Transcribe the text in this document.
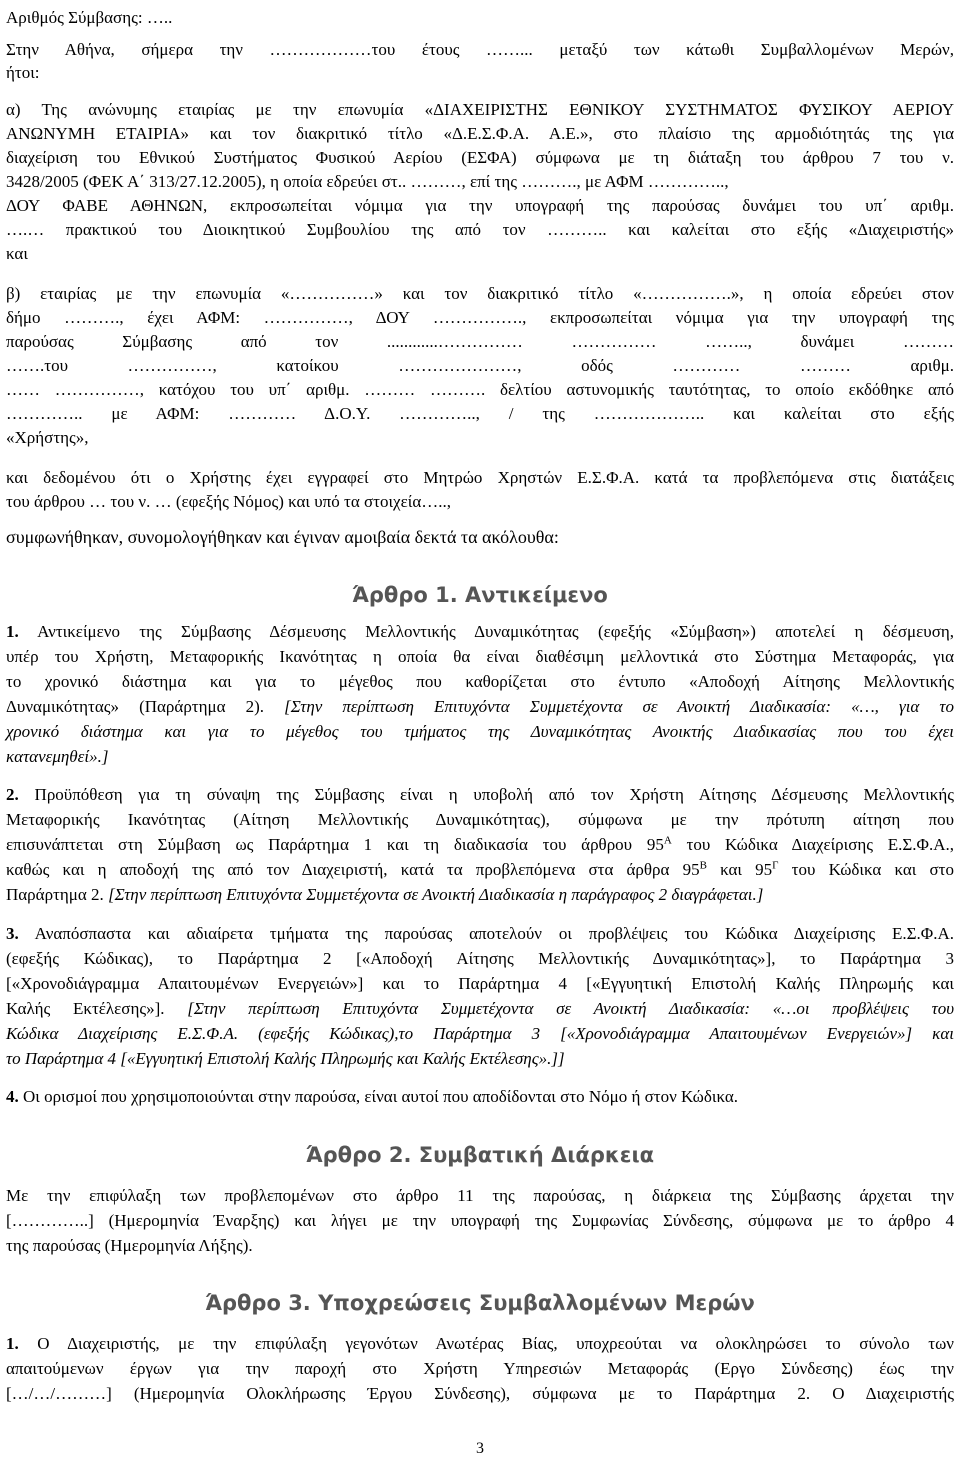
Αριθμός Σύμβασης: …..
Στην Αθήνα, σήμερα την ………………του έτους ……... μεταξύ των κάτωθι Συμβαλλομένων Μερών,
ήτοι:
α) Της ανώνυμης εταιρίας με την επωνυμία «ΔΙΑΧΕΙΡΙΣΤΗΣ ΕΘΝΙΚΟΥ ΣΥΣΤΗΜΑΤΟΣ ΦΥΣΙΚΟΥ ΑΕΡΙΟΥ
ΑΝΩΝΥΜΗ ΕΤΑΙΡΙΑ» και τον διακριτικό τίτλο «Δ.Ε.Σ.Φ.Α. Α.Ε.», στο πλαίσιο της αρμοδιότητάς της για
διαχείριση του Εθνικού Συστήματος Φυσικού Αερίου (ΕΣΦΑ) σύμφωνα με τη διάταξη του άρθρου 7 του ν.
3428/2005 (ΦΕΚ Α΄ 313/27.12.2005), η οποία εδρεύει στ.. ………, επί της ………., με ΑΦΜ …………..,
ΔΟΥ ΦΑΒΕ ΑΘΗΝΩΝ, εκπροσωπείται νόμιμα για την υπογραφή της παρούσας δυνάμει του υπ΄ αριθμ.
….… πρακτικού του Διοικητικού Συμβουλίου της από τον ……….. και καλείται στο εξής «Διαχειριστής»
και
β) εταιρίας με την επωνυμία «……………» και τον διακριτικό τίτλο «…………….», η οποία εδρεύει στον
δήμο ………., έχει ΑΦΜ: ……………, ΔΟΥ ……………., εκπροσωπείται νόμιμα για την υπογραφή της
παρούσας Σύμβασης από τον ............…………… …………… …….., δυνάμει ………
…….του ……………, κατοίκου …………………, οδός ………… ……… αριθμ.
…… ……………, κατόχου του υπ΄ αριθμ. ……… ………. δελτίου αστυνομικής ταυτότητας, το οποίο εκδόθηκε από
………….. με ΑΦΜ: ………… Δ.Ο.Υ. ………….., / της ……………….. και καλείται στο εξής
«Χρήστης»,
και δεδομένου ότι ο Χρήστης έχει εγγραφεί στο Μητρώο Χρηστών Ε.Σ.Φ.Α. κατά τα προβλεπόμενα στις διατάξεις
του άρθρου … του ν. … (εφεξής Νόμος) και υπό τα στοιχεία…..,
συμφωνήθηκαν, συνομολογήθηκαν και έγιναν αμοιβαία δεκτά τα ακόλουθα:
1. Αντικείμενο της Σύμβασης Δέσμευσης Μελλοντικής Δυναμικότητας (εφεξής «Σύμβαση») αποτελεί η δέσμευση,
υπέρ του Χρήστη, Μεταφορικής Ικανότητας η οποία θα είναι διαθέσιμη μελλοντικά στο Σύστημα Μεταφοράς, για
το χρονικό διάστημα και για το μέγεθος που καθορίζεται στο έντυπο «Αποδοχή Αίτησης Μελλοντικής
Δυναμικότητας» (Παράρτημα 2). [Στην περίπτωση Επιτυχόντα Συμμετέχοντα σε Ανοικτή Διαδικασία: «…, για το
χρονικό διάστημα και για το μέγεθος του τμήματος της Δυναμικότητας Ανοικτής Διαδικασίας που του έχει
κατανεμηθεί».]
2. Προϋπόθεση για τη σύναψη της Σύμβασης είναι η υποβολή από τον Χρήστη Αίτησης Δέσμευσης Μελλοντικής
Μεταφορικής Ικανότητας (Αίτηση Μελλοντικής Δυναμικότητας), σύμφωνα με την πρότυπη αίτηση που
επισυνάπτεται στη Σύμβαση ως Παράρτημα 1 και τη διαδικασία του άρθρου $95^A$ του Κώδικα Διαχείρισης Ε.Σ.Φ.Α.,
καθώς και η αποδοχή της από τον Διαχειριστή, κατά τα προβλεπόμενα στα άρθρα $95^B$ και $95^\Gamma$ του Κώδικα και στο
Παράρτημα 2. [Στην περίπτωση Επιτυχόντα Συμμετέχοντα σε Ανοικτή Διαδικασία η παράγραφος 2 διαγράφεται.]
3. Αναπόσπαστα και αδιαίρετα τμήματα της παρούσας αποτελούν οι προβλέψεις του Κώδικα Διαχείρισης Ε.Σ.Φ.Α.
(εφεξής Κώδικας), το Παράρτημα 2 [«Αποδοχή Αίτησης Μελλοντικής Δυναμικότητας»], το Παράρτημα 3
[«Χρονοδιάγραμμα Απαιτουμένων Ενεργειών»] και το Παράρτημα 4 [«Εγγυητική Επιστολή Καλής Πληρωμής και
Καλής Εκτέλεσης»]. [Στην περίπτωση Επιτυχόντα Συμμετέχοντα σε Ανοικτή Διαδικασία: «…οι προβλέψεις του
Κώδικα Διαχείρισης Ε.Σ.Φ.Α. (εφεξής Κώδικας),το Παράρτημα 3 [«Χρονοδιάγραμμα Απαιτουμένων Ενεργειών»] και
το Παράρτημα 4 [«Εγγυητική Επιστολή Καλής Πληρωμής και Καλής Εκτέλεσης».]]
4. Οι ορισμοί που χρησιμοποιούνται στην παρούσα, είναι αυτοί που αποδίδονται στο Νόμο ή στον Κώδικα.
Με την επιφύλαξη των προβλεπομένων στο άρθρο 11 της παρούσας, η διάρκεια της Σύμβασης άρχεται την
[…………..] (Ημερομηνία Έναρξης) και λήγει με την υπογραφή της Συμφωνίας Σύνδεσης, σύμφωνα με το άρθρο 4
της παρούσας (Ημερομηνία Λήξης).
1. Ο Διαχειριστής, με την επιφύλαξη γεγονότων Ανωτέρας Βίας, υποχρεούται να ολοκληρώσει το σύνολο των
απαιτούμενων έργων για την παροχή στο Χρήστη Υπηρεσιών Μεταφοράς (Εργο Σύνδεσης) έως την
[…/…/………] (Ημερομηνία Ολοκλήρωσης Έργου Σύνδεσης), σύμφωνα με το Παράρτημα 2. Ο Διαχειριστής
Άρθρο 1. Αντικείμενο
Άρθρο 2. Συμβατική Διάρκεια
Άρθρο 3. Υποχρεώσεις Συμβαλλομένων Μερών
3
